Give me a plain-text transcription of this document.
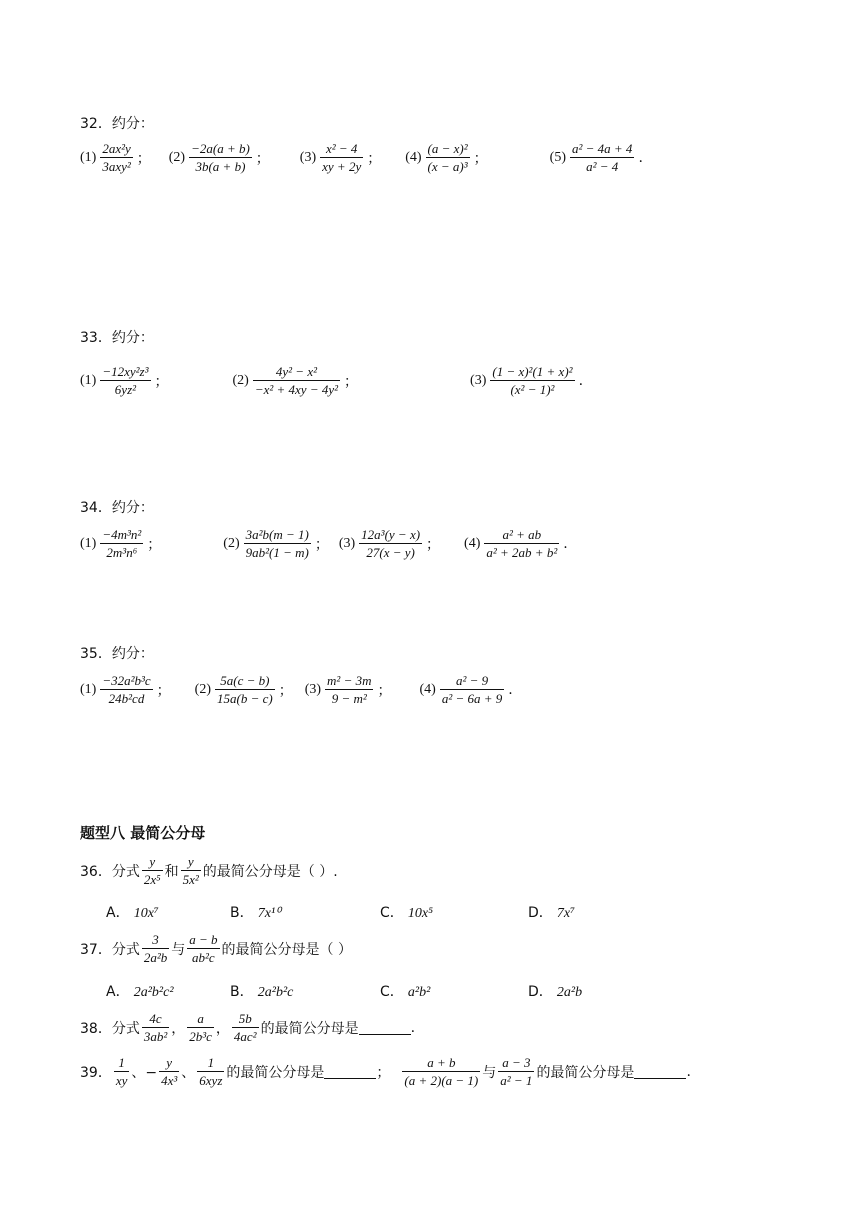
32．约分：
$(1) \frac{\text{2ax²y}}{\text{3axy²}}$ ； $(2) \frac{-2a(a + b)}{3b(a + b)}$ ； $(3) \frac{\text{x² − 4}}{xy + 2y}$ ； $(4) \frac{\text{(a − x)²}}{\text{(x − a)³}}$ ；	$(5) \frac{\text{a² − 4a + 4}}{\text{a² − 4}}$ .
33．约分：
$(1) \frac{\text{−12xy²z³}}{\text{6yz²}}$ ；	$(2) \frac{\text{4y² − x²}}{\text{−x² + 4xy − 4y²}}$ ；	$(3) \frac{\text{(1 − x)²(1 + x)²}}{\text{(x² − 1)²}}$ .
34．约分：
$(1) \frac{\text{−4m³n²}}{\text{2m³n⁶}}$ ；	$(2) \frac{\text{3a²b(m − 1)}}{\text{9ab²(1 − m)}}$ ； $(3) \frac{\text{12a³(y − x)}}{27(x - y)}$ ； $(4) \frac{\text{a² + ab}}{\text{a² + 2ab + b²}}$ .
35．约分：
$(1) \frac{\text{−32a²b³c}}{\text{24b²cd}}$ ； $(2) \frac{5a(c - b)}{15a(b - c)}$ ； $(3) \frac{\text{m² − 3m}}{\text{9 − m²}}$ ； $(4) \frac{\text{a² − 9}}{\text{a² − 6a + 9}}$ .
题型八 最简公分母
36．分式 $\frac{y}{\text{2x⁵}}$ 和 $\frac{y}{\text{5x²}}$ 的最简公分母是（ ）.
A． 10x⁷	B． 7x¹⁰	C． 10x⁵	D． 7x⁷
37．分式 $\frac{3}{\text{2a²b}}$ 与 $\frac{a - b}{\text{ab²c}}$ 的最简公分母是（ ）
A． 2a²b²c²	B． 2a²b²c	C． a²b²	D． 2a²b
38．分式 $\frac{4c}{\text{3ab²}}$ ， $\frac{a}{\text{2b³c}}$ ， $\frac{5b}{\text{4ac²}}$ 的最简公分母是	.
39． $\frac{1}{xy}$ 、− $\frac{y}{\text{4x³}}$ 、 $\frac{1}{\text{6xyz}}$ 的最简公分母是	； $\frac{a + b}{(a + 2)(a - 1)}$ 与 $\frac{a - 3}{\text{a² − 1}}$ 的最简公分母是	.
